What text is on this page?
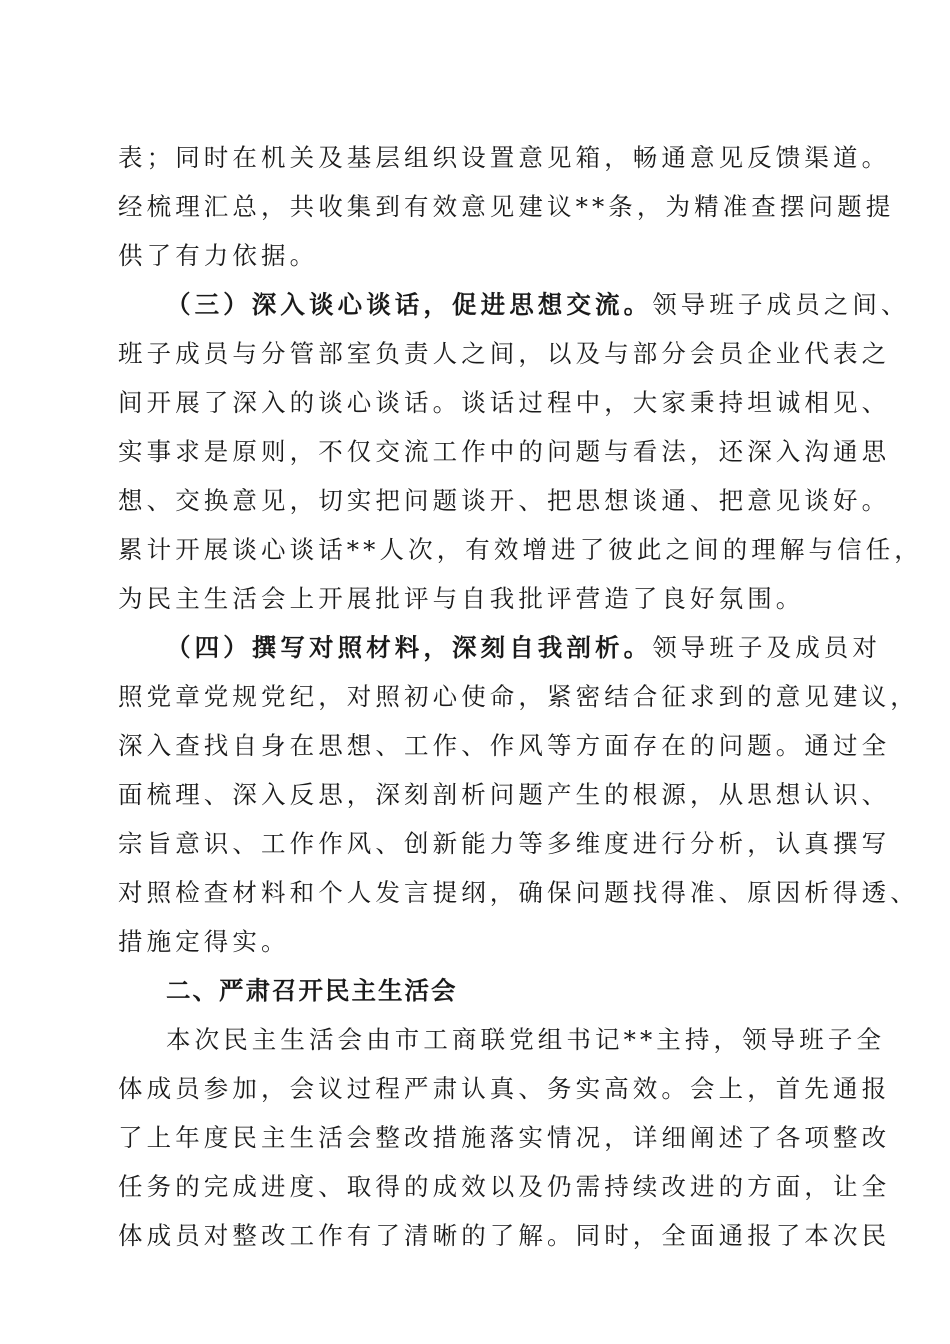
表；同时在机关及基层组织设置意见箱，畅通意见反馈渠道。
经梳理汇总，共收集到有效意见建议**条，为精准查摆问题提
供了有力依据。
（三）深入谈心谈话，促进思想交流。领导班子成员之间、
班子成员与分管部室负责人之间，以及与部分会员企业代表之
间开展了深入的谈心谈话。谈话过程中，大家秉持坦诚相见、
实事求是原则，不仅交流工作中的问题与看法，还深入沟通思
想、交换意见，切实把问题谈开、把思想谈通、把意见谈好。
累计开展谈心谈话**人次，有效增进了彼此之间的理解与信任，
为民主生活会上开展批评与自我批评营造了良好氛围。
（四）撰写对照材料，深刻自我剖析。领导班子及成员对
照党章党规党纪，对照初心使命，紧密结合征求到的意见建议，
深入查找自身在思想、工作、作风等方面存在的问题。通过全
面梳理、深入反思，深刻剖析问题产生的根源，从思想认识、
宗旨意识、工作作风、创新能力等多维度进行分析，认真撰写
对照检查材料和个人发言提纲，确保问题找得准、原因析得透、
措施定得实。
二、严肃召开民主生活会
本次民主生活会由市工商联党组书记**主持，领导班子全
体成员参加，会议过程严肃认真、务实高效。会上，首先通报
了上年度民主生活会整改措施落实情况，详细阐述了各项整改
任务的完成进度、取得的成效以及仍需持续改进的方面，让全
体成员对整改工作有了清晰的了解。同时，全面通报了本次民
